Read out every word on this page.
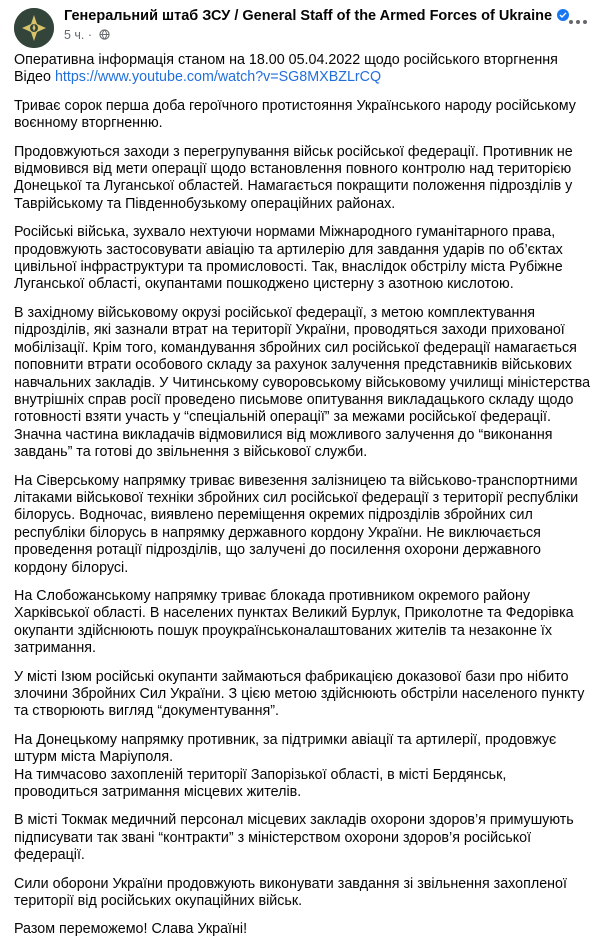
Генеральний штаб ЗСУ / General Staff of the Armed Forces of Ukraine
5 ч. ·

Оперативна інформація станом на 18.00 05.04.2022 щодо російського вторгнення
Відео https://www.youtube.com/watch?v=SG8MXBZLrCQ

Триває сорок перша доба героїчного протистояння Українського народу російському воєнному вторгненню.

Продовжуються заходи з перегрупування військ російської федерації. Противник не відмовився від мети операції щодо встановлення повного контролю над територією Донецької та Луганської областей. Намагається покращити положення підрозділів у Таврійському та Південнобузькому операційних районах.

Російські війська, зухвало нехтуючи нормами Міжнародного гуманітарного права, продовжують застосовувати авіацію та артилерію для завдання ударів по об’єктах цивільної інфраструктури та промисловості. Так, внаслідок обстрілу міста Рубіжне Луганської області, окупантами пошкоджено цистерну з азотною кислотою.

В західному військовому окрузі російської федерації, з метою комплектування підрозділів, які зазнали втрат на території України, проводяться заходи прихованої мобілізації. Крім того, командування збройних сил російської федерації намагається поповнити втрати особового складу за рахунок залучення представників військових навчальних закладів. У Читинському суворовському військовому училищі міністерства внутрішніх справ росії проведено письмове опитування викладацького складу щодо готовності взяти участь у “спеціальній операції” за межами російської федерації. Значна частина викладачів відмовилися від можливого залучення до “виконання завдань” та готові до звільнення з військової служби.

На Сіверському напрямку триває вивезення залізницею та військово-транспортними літаками військової техніки збройних сил російської федерації з території республіки білорусь. Водночас, виявлено переміщення окремих підрозділів збройних сил республіки білорусь в напрямку державного кордону України. Не виключається проведення ротації підрозділів, що залучені до посилення охорони державного кордону білорусі.

На Слобожанському напрямку триває блокада противником окремого району Харківської області. В населених пунктах Великий Бурлук, Приколотне та Федорівка окупанти здійснюють пошук проукраїнськоналаштованих жителів та незаконне їх затримання.

У місті Ізюм російські окупанти займаються фабрикацією доказової бази про нібито злочини Збройних Сил України. З цією метою здійснюють обстріли населеного пункту та створюють вигляд “документування”.

На Донецькому напрямку противник, за підтримки авіації та артилерії, продовжує штурм міста Маріуполя.

На тимчасово захопленій території Запорізької області, в місті Бердянськ, проводиться затримання місцевих жителів.

В місті Токмак медичний персонал місцевих закладів охорони здоров’я примушують підписувати так звані “контракти” з міністерством охорони здоров’я російської федерації.

Сили оборони України продовжують виконувати завдання зі звільнення захопленої території від російських окупаційних військ.

Разом переможемо! Слава Україні!
